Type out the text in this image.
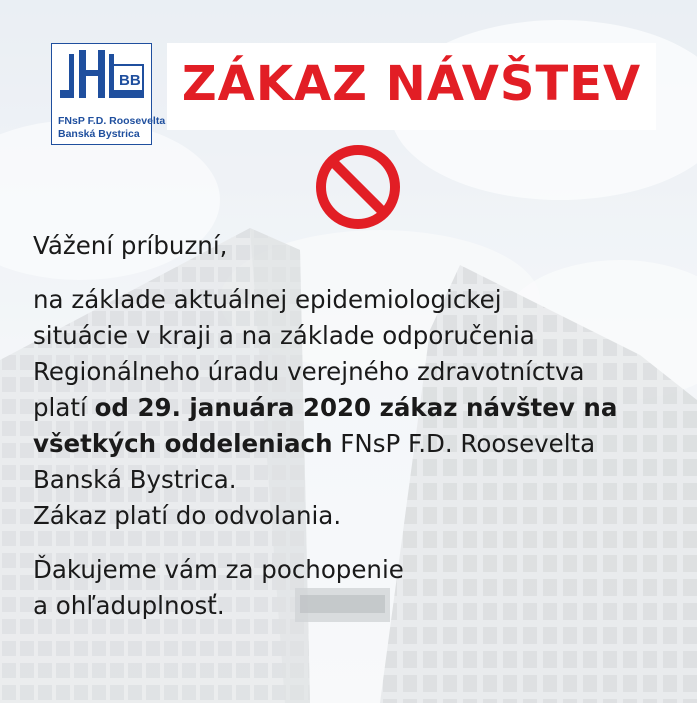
BB
FNsP F.D. Roosevelta
Banská Bystrica
ZÁKAZ NÁVŠTEV

Vážení príbuzní,

na základe aktuálnej epidemiologickej

situácie v kraji a na základe odporučenia

Regionálneho úradu verejného zdravotníctva

platí od 29. januára 2020 zákaz návštev na

všetkých oddeleniach FNsP F.D. Roosevelta

Banská Bystrica.

Zákaz platí do odvolania.

Ďakujeme vám za pochopenie

a ohľaduplnosť.
